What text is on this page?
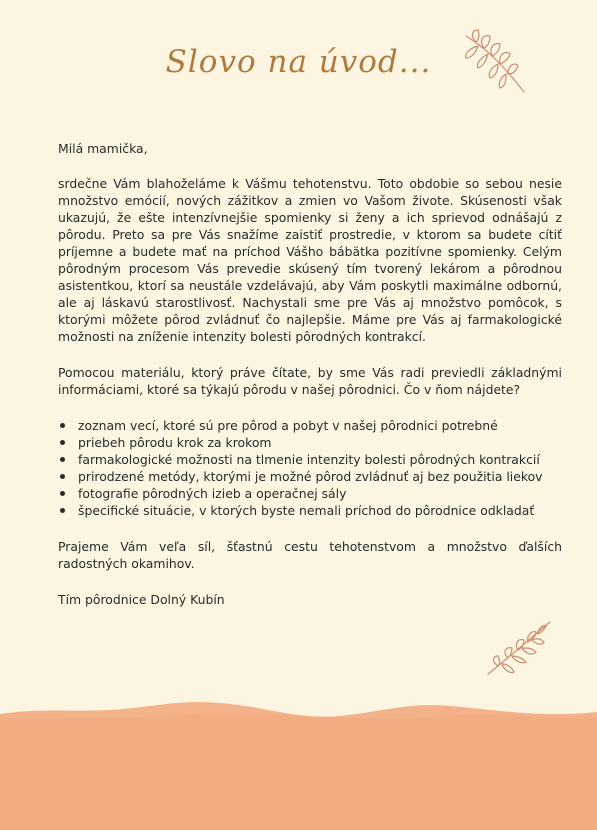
Slovo na úvod...

Milá mamička,

srdečne Vám blahoželáme k Vášmu tehotenstvu. Toto obdobie so sebou nesie množstvo emócií, nových zážitkov a zmien vo Vašom živote. Skúsenosti však ukazujú, že ešte intenzívnejšie spomienky si ženy a ich sprievod odnášajú z pôrodu. Preto sa pre Vás snažíme zaistiť prostredie, v ktorom sa budete cítiť príjemne a budete mať na príchod Vášho bábätka pozitívne spomienky. Celým pôrodným procesom Vás prevedie skúsený tím tvorený lekárom a pôrodnou asistentkou, ktorí sa neustále vzdelávajú, aby Vám poskytli maximálne odbornú, ale aj láskavú starostlivosť. Nachystali sme pre Vás aj množstvo pomôcok, s ktorými môžete pôrod zvládnuť čo najlepšie. Máme pre Vás aj farmakologické možnosti na zníženie intenzity bolesti pôrodných kontrakcí.

Pomocou materiálu, ktorý práve čítate, by sme Vás radi previedli základnými informáciami, ktoré sa týkajú pôrodu v našej pôrodnici. Čo v ňom nájdete?

zoznam vecí, ktoré sú pre pôrod a pobyt v našej pôrodnici potrebné
priebeh pôrodu krok za krokom
farmakologické možnosti na tlmenie intenzity bolesti pôrodných kontrakcií
prirodzené metódy, ktorými je možné pôrod zvládnuť aj bez použitia liekov
fotografie pôrodných izieb a operačnej sály
špecifické situácie, v ktorých byste nemali príchod do pôrodnice odkladať

Prajeme Vám veľa síl, šťastnú cestu tehotenstvom a množstvo ďalších radostných okamihov.

Tím pôrodnice Dolný Kubín
